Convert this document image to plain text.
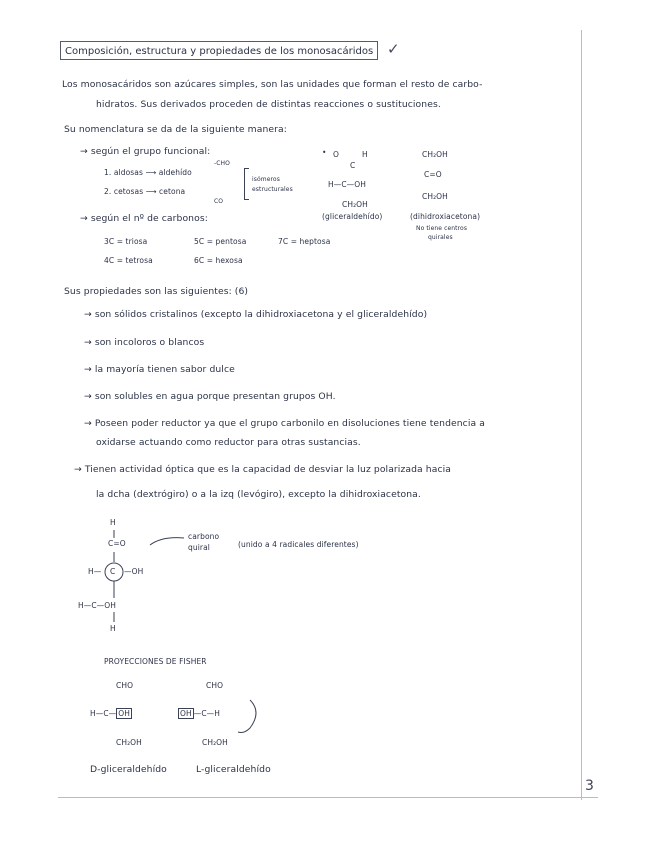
Composición, estructura y propiedades de los monosacáridos ✓
Los monosacáridos son azúcares simples, son las unidades que forman el resto de carbo-
hidratos. Sus derivados proceden de distintas reacciones o sustituciones.
Su nomenclatura se da de la siguiente manera:
→ según el grupo funcional:
1. aldosas ⟶ aldehído
-CHO
2. cetosas ⟶ cetona
CO
isómeros
estructurales
• O	H
C
H—C—OH
CH₂OH
(gliceraldehído)
CH₂OH
C=O
CH₂OH
(dihidroxiacetona)
No tiene centros
quirales
→ según el nº de carbonos:
3C = triosa	5C = pentosa	7C = heptosa
4C = tetrosa	6C = hexosa
Sus propiedades son las siguientes: (6)
→ son sólidos cristalinos (excepto la dihidroxiacetona y el gliceraldehído)
→ son incoloros o blancos
→ la mayoría tienen sabor dulce
→ son solubles en agua porque presentan grupos OH.
→ Poseen poder reductor ya que el grupo carbonilo en disoluciones tiene tendencia a
oxidarse actuando como reductor para otras sustancias.
→ Tienen actividad óptica que es la capacidad de desviar la luz polarizada hacia
la dcha (dextrógiro) o a la izq (levógiro), excepto la dihidroxiacetona.
H
C=O
H— C —OH
H—C—OH
H
carbono
quiral	(unido a 4 radicales diferentes)
PROYECCIONES DE FISHER
CHO
H—C— OH
CH₂OH
D-gliceraldehído
CHO
OH —C—H
CH₂OH
L-gliceraldehído
3
